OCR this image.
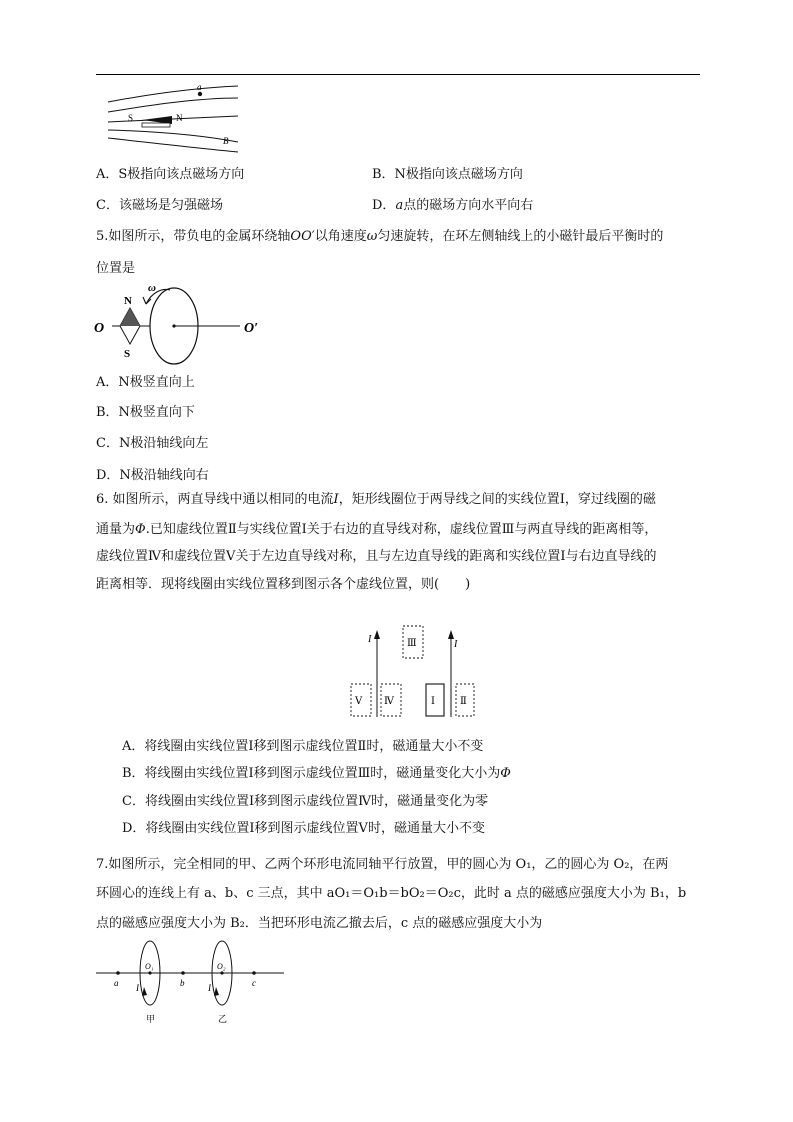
a
S	N
B
A．S极指向该点磁场方向	B．N极指向该点磁场方向
C．该磁场是匀强磁场	D．a点的磁场方向水平向右
5.如图所示，带负电的金属环绕轴OO′以角速度ω匀速旋转，在环左侧轴线上的小磁针最后平衡时的
位置是
O	O′
N
S
ω
A．N极竖直向上
B．N极竖直向下
C．N极沿轴线向左
D．N极沿轴线向右
6. 如图所示，两直导线中通以相同的电流I，矩形线圈位于两导线之间的实线位置Ⅰ，穿过线圈的磁
通量为Φ.已知虚线位置Ⅱ与实线位置Ⅰ关于右边的直导线对称，虚线位置Ⅲ与两直导线的距离相等，
虚线位置Ⅳ和虚线位置Ⅴ关于左边直导线对称，且与左边直导线的距离和实线位置Ⅰ与右边直导线的
距离相等．现将线圈由实线位置移到图示各个虚线位置，则(　　)
I	I
Ⅲ
Ⅴ Ⅳ	Ⅰ	Ⅱ
A．将线圈由实线位置Ⅰ移到图示虚线位置Ⅱ时，磁通量大小不变
B．将线圈由实线位置Ⅰ移到图示虚线位置Ⅲ时，磁通量变化大小为Φ
C．将线圈由实线位置Ⅰ移到图示虚线位置Ⅳ时，磁通量变化为零
D．将线圈由实线位置Ⅰ移到图示虚线位置Ⅴ时，磁通量大小不变
7.如图所示，完全相同的甲、乙两个环形电流同轴平行放置，甲的圆心为 O₁，乙的圆心为 O₂，在两
环圆心的连线上有 a、b、c 三点，其中 aO₁＝O₁b＝bO₂＝O₂c，此时 a 点的磁感应强度大小为 B₁，b
点的磁感应强度大小为 B₂．当把环形电流乙撤去后，c 点的磁感应强度大小为
a	b	c
O₁
I
甲
O₂
I
乙
